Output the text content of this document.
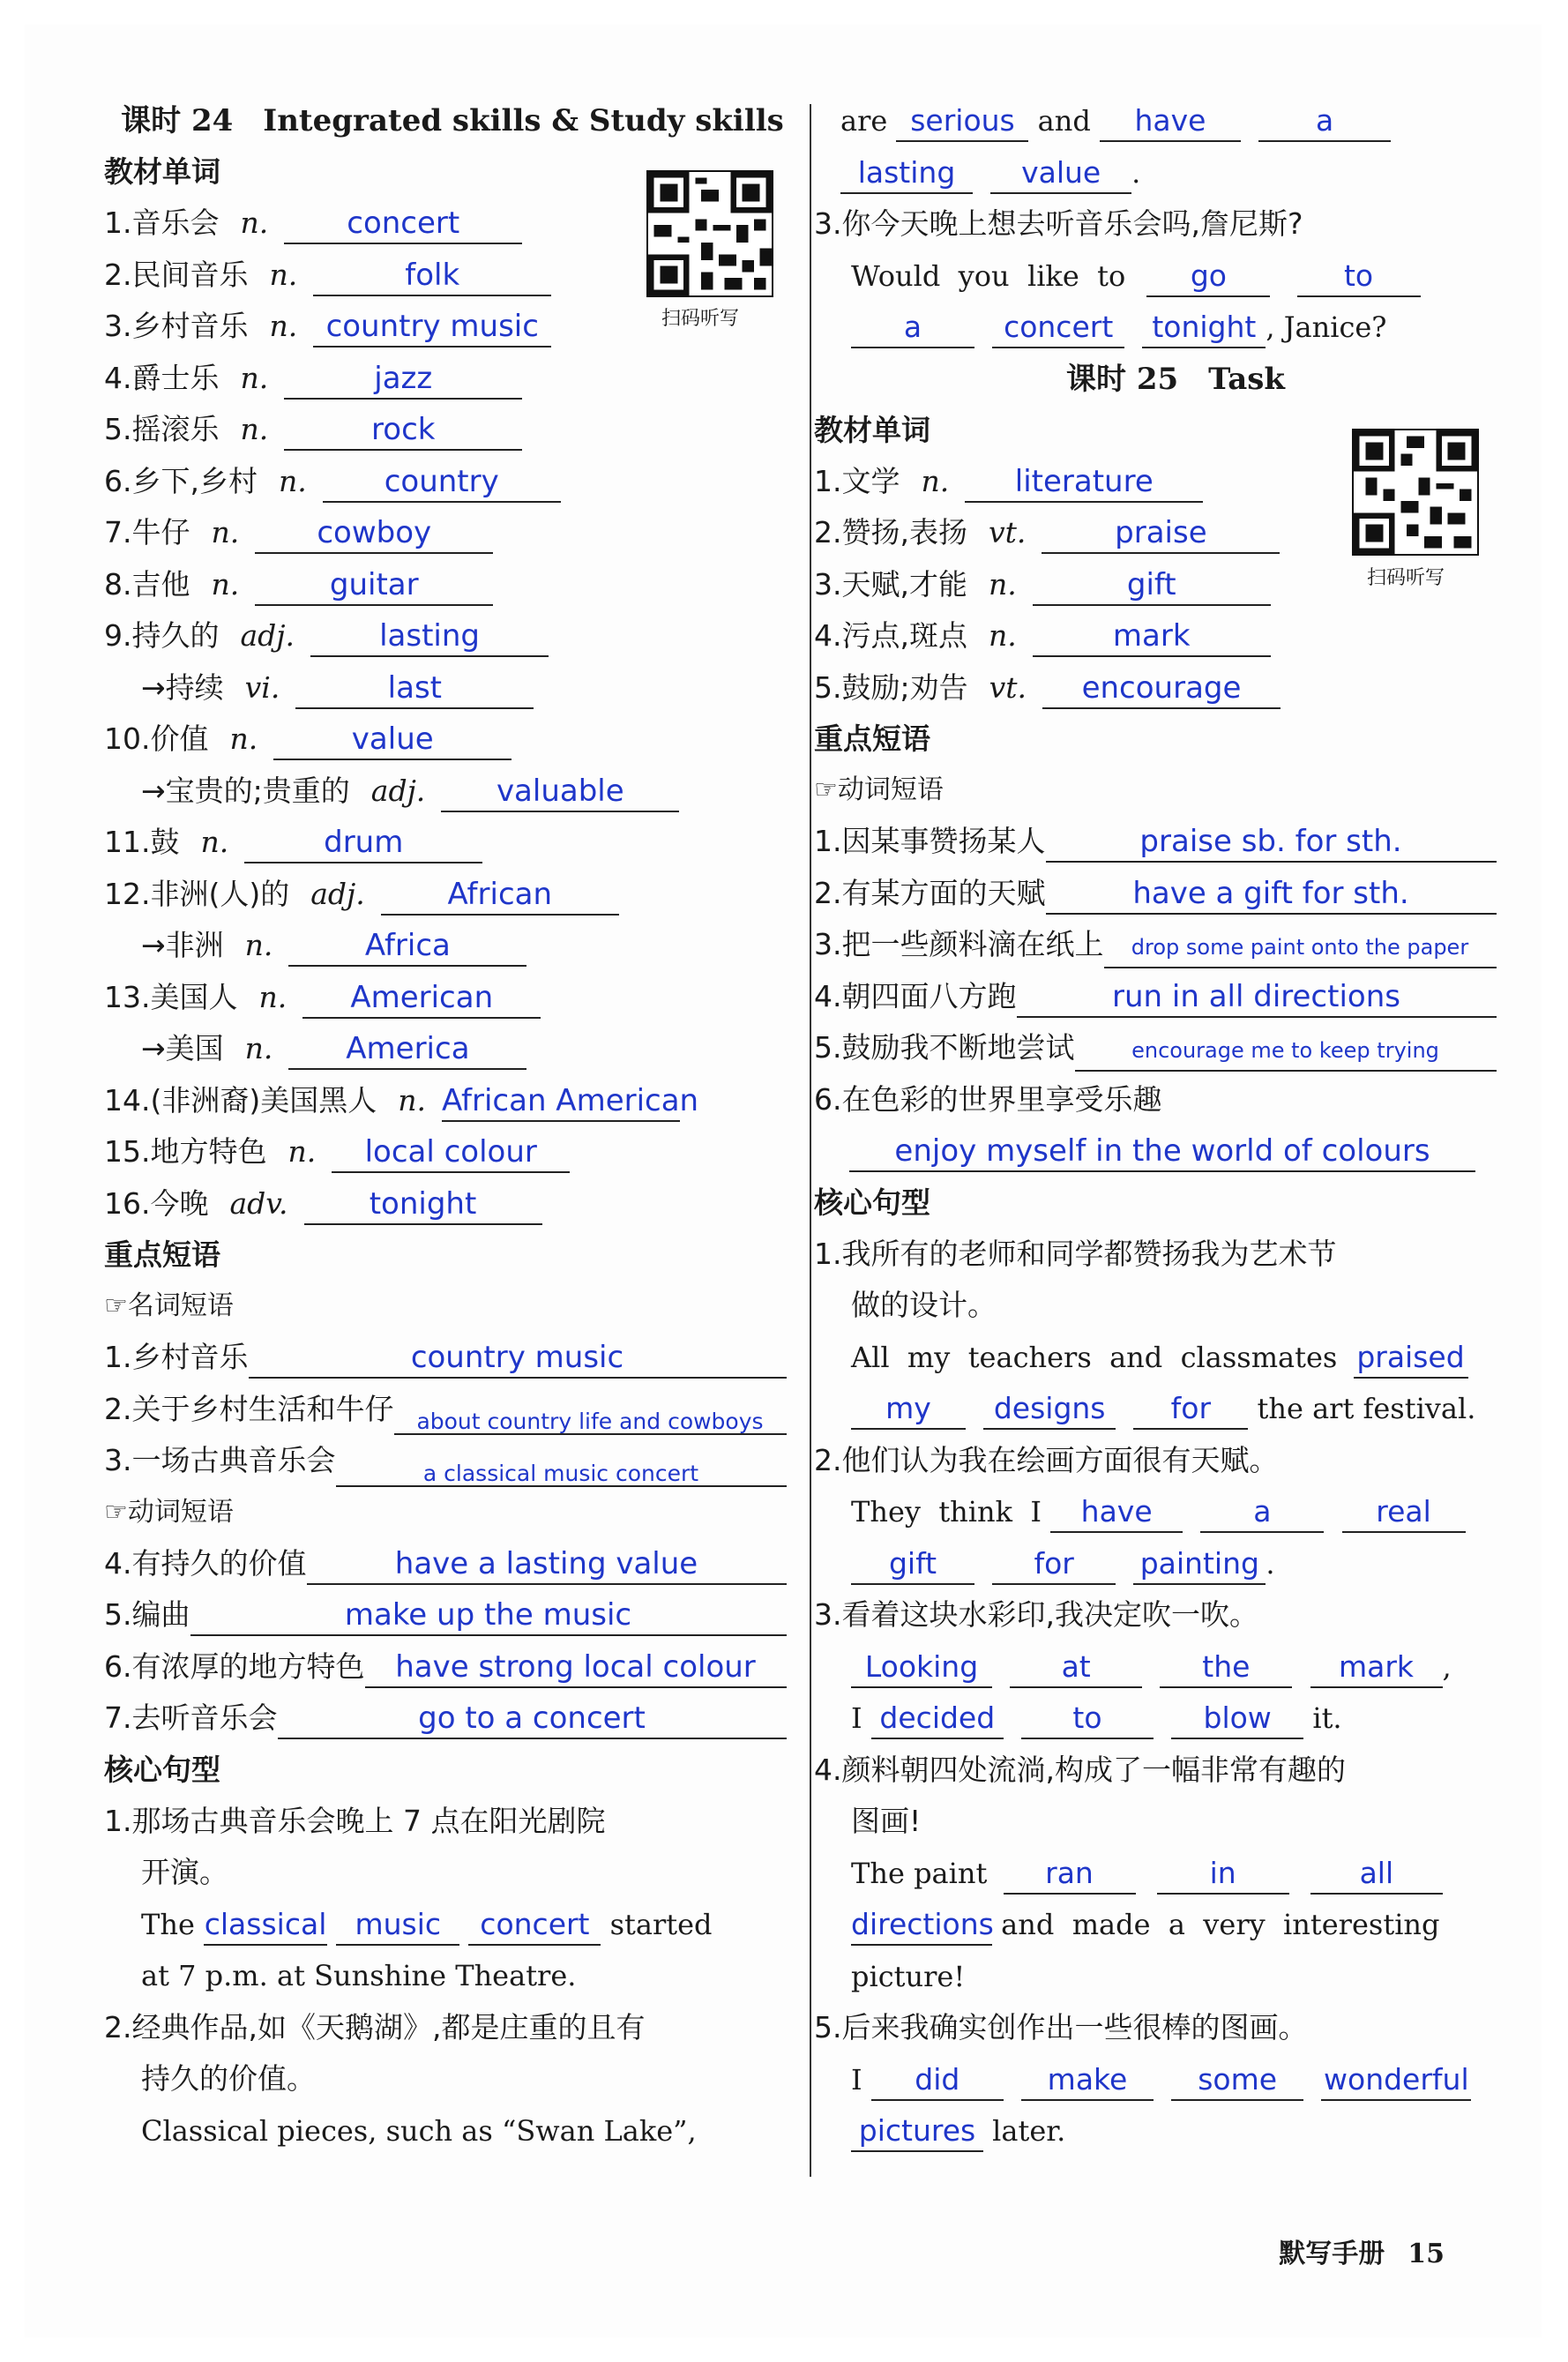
课时 24　Integrated skills & Study skills
教材单词
1.音乐会 n.	concert
2.民间音乐 n.	folk
3.乡村音乐 n. country music
4.爵士乐 n.	jazz
5.摇滚乐 n.	rock
6.乡下,乡村 n.	country
7.牛仔 n.	cowboy
8.吉他 n.	guitar
9.持久的 adj.	lasting
→持续 vi.	last
10.价值 n.	value
→宝贵的;贵重的 adj. valuable
11.鼓 n.	drum
12.非洲(人)的 adj.	African
→非洲 n.	Africa
13.美国人 n. American
→美国 n. America
14.(非洲裔)美国黑人 n. African American
15.地方特色 n. local colour
16.今晚 adv.	tonight
重点短语
☞名词短语
1.乡村音乐	country music
2.关于乡村生活和牛仔 about country life and cowboys
3.一场古典音乐会	a classical music concert
☞动词短语
4.有持久的价值	have a lasting value
5.编曲	make up the music
6.有浓厚的地方特色 have strong local colour
7.去听音乐会	go to a concert
核心句型
1.那场古典音乐会晚上 7 点在阳光剧院
开演。
The classical music concert started
at 7 p.m. at Sunshine Theatre.
2.经典作品,如《天鹅湖》,都是庄重的且有
持久的价值。
Classical pieces, such as “Swan Lake”,
扫码听写
are serious and have	a
lasting value .
3.你今天晚上想去听音乐会吗,詹尼斯?
Would  you  like  to go	to
a	concert tonight , Janice?
课时 25　Task
教材单词
1.文学 n. literature
2.赞扬,表扬 vt.	praise
3.天赋,才能 n.	gift
4.污点,斑点 n.	mark
5.鼓励;劝告 vt. encourage
重点短语
☞动词短语
1.因某事赞扬某人	praise sb. for sth.
2.有某方面的天赋	have a gift for sth.
3.把一些颜料滴在纸上 drop some paint onto the paper
4.朝四面八方跑	run in all directions
5.鼓励我不断地尝试	encourage me to keep trying
6.在色彩的世界里享受乐趣
enjoy myself in the world of colours
核心句型
1.我所有的老师和同学都赞扬我为艺术节
做的设计。
All  my  teachers  and  classmates praised
my designs for the art festival.
2.他们认为我在绘画方面很有天赋。
They  think  I have	a	real
gift	for painting .
3.看着这块水彩印,我决定吹一吹。
Looking	at	the	mark ,
I decided	to	blow it.
4.颜料朝四处流淌,构成了一幅非常有趣的
图画!
The paint ran	in	all
directions and  made  a  very  interesting
picture!
5.后来我确实创作出一些很棒的图画。
I did	make some wonderful
pictures later.
扫码听写
默写手册 15
